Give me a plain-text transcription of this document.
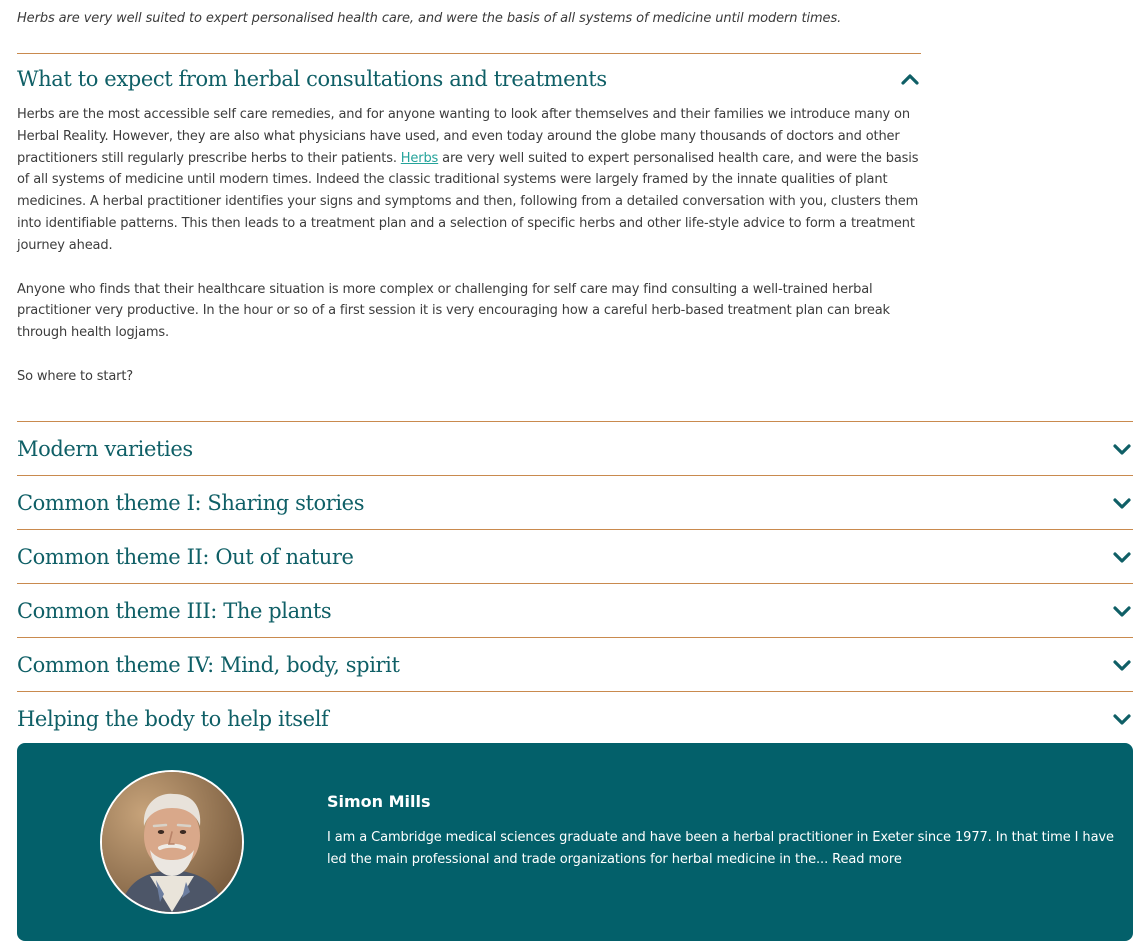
Herbs are very well suited to expert personalised health care, and were the basis of all systems of medicine until modern times.

What to expect from herbal consultations and treatments

Herbs are the most accessible self care remedies, and for anyone wanting to look after themselves and their families we introduce many on Herbal Reality. However, they are also what physicians have used, and even today around the globe many thousands of doctors and other practitioners still regularly prescribe herbs to their patients. Herbs are very well suited to expert personalised health care, and were the basis of all systems of medicine until modern times. Indeed the classic traditional systems were largely framed by the innate qualities of plant medicines. A herbal practitioner identifies your signs and symptoms and then, following from a detailed conversation with you, clusters them into identifiable patterns. This then leads to a treatment plan and a selection of specific herbs and other life-style advice to form a treatment journey ahead.

Anyone who finds that their healthcare situation is more complex or challenging for self care may find consulting a well-trained herbal practitioner very productive. In the hour or so of a first session it is very encouraging how a careful herb-based treatment plan can break through health logjams.

So where to start?

Modern varieties
Common theme I: Sharing stories
Common theme II: Out of nature
Common theme III: The plants
Common theme IV: Mind, body, spirit
Helping the body to help itself
Simon Mills

I am a Cambridge medical sciences graduate and have been a herbal practitioner in Exeter since 1977. In that time I have led the main professional and trade organizations for herbal medicine in the... Read more
